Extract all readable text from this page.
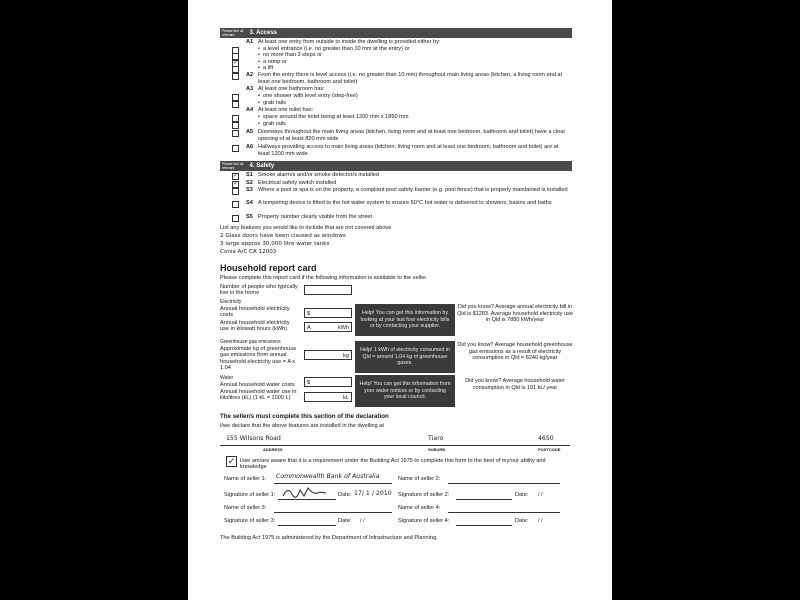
Please tick all relevant	3. Access
A1 At least one entry from outside to inside the dwelling is provided either by:
• a level entrance (i.e. no greater than 10 mm at the entry) or
• no more than 3 steps or
✓
•	a ramp or
• a lift
A2 From the entry there is level access (i.e. no greater than 10 mm) throughout main living areas (kitchen, a living room and at least one bedroom, bathroom and toilet)
A3 At least one bathroom has:
• one shower with level entry (step-free)
• grab rails
A4 At least one toilet has:
• space around the toilet being at least 1200 mm x 1850 mm
• grab rails
A5 Doorways throughout the main living areas (kitchen, living room and at least one bedroom, bathroom and toilet) have a clear opening of at least 820 mm wide
A6 Hallways providing access to main living areas (kitchen, living room and at least one bedroom, bathroom and toilet) are at least 1200 mm wide
Please tick all relevant	4. Safety
✓ S1 Smoke alarm/s and/or smoke detector/s installed
✓ S2 Electrical safety switch installed
S3 Where a pool or spa is on the property, a compliant pool safety barrier (e.g. pool fence) that is properly maintained is installed
S4 A tempering device is fitted to the hot water system to ensure 50°C hot water is delivered to showers, basins and baths
S5 Property number clearly visible from the street
List any features you would like to include that are not covered above
2 Glass doors have been classed as windows
3 large approx 30,000 litre water tanks
Conia A/C CA 12003
Household report card
Please complete this report card if the following information is available to the seller.
Number of people who typically live in the home
Electricity
Annual household electricity costs	$
Annual household electricity use in kilowatt hours (kWh)	A	kWh
Help! You can get this information by looking at your last four electricity bills or by contacting your supplier.
Did you know? Average annual electricity bill in Qld is $1283. Average household electricity use in Qld is 7880 kWh/year
Greenhouse gas emissions
Approximate kg of greenhouse gas emissions from annual household electricity use = A x 1.04
kg
Help! 1 kWh of electricity consumed in Qld = around 1.04 kg of greenhouse gases.
Did you know? Average household greenhouse gas emissions as a result of electricity consumption in Qld = 8240 kg/year
Water
Annual household water costs	$
Annual household water use in kilolitres (kL) (1 kL = 1000 L)	kL
Help! You can get this information from your water notices or by contacting your local council.
Did you know? Average household water consumption in Qld is 191 kL/ year
The seller/s must complete this section of the declaration
I/we declare that the above features are installed in the dwelling at
155 Wilsons Road	Tiaro	4650
ADDRESS	SUBURB	POSTCODE
✓ I/we am/are aware that it is a requirement under the Building Act 1975 to complete this form to the best of my/our ability and knowledge
Name of seller 1: Commonwealth Bank of Australia	Name of seller 2:
Signature of seller 1:	Date: 17/ 1 / 2010 Signature of seller 2:	Date: / /
Name of seller 3:	Name of seller 4:
Signature of seller 3:	Date: / /	Signature of seller 4:	Date: / /
The Building Act 1975 is administered by the Department of Infrastructure and Planning.
